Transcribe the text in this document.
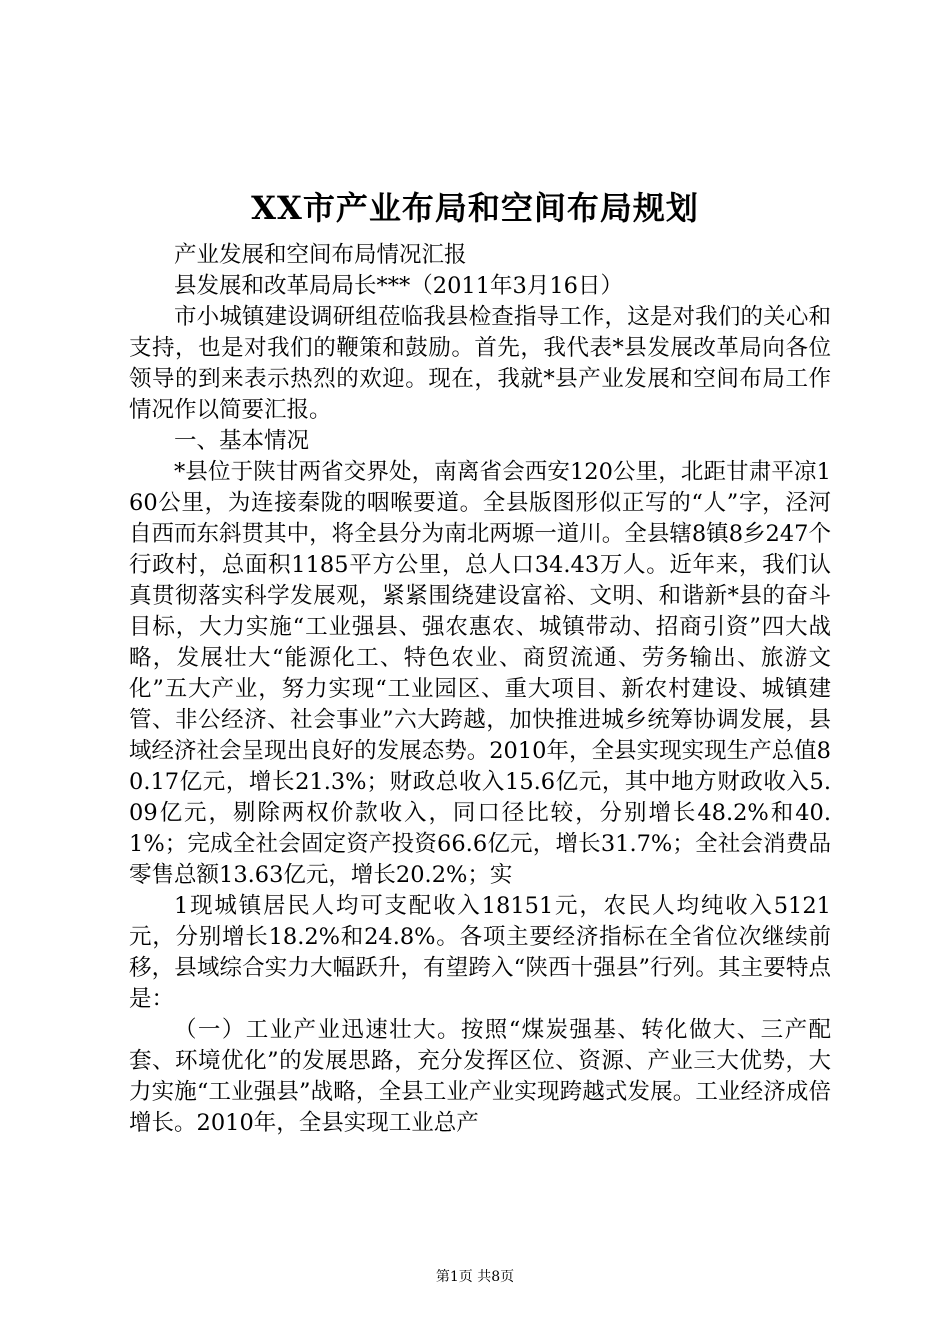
XX市产业布局和空间布局规划

产业发展和空间布局情况汇报

县发展和改革局局长***（2011年3月16日）

市小城镇建设调研组莅临我县检查指导工作，这是对我们的关心和支持，也是对我们的鞭策和鼓励。首先，我代表*县发展改革局向各位领导的到来表示热烈的欢迎。现在，我就*县产业发展和空间布局工作情况作以简要汇报。

一、基本情况

*县位于陕甘两省交界处，南离省会西安120公里，北距甘肃平凉160公里，为连接秦陇的咽喉要道。全县版图形似正写的“人”字，泾河自西而东斜贯其中，将全县分为南北两塬一道川。全县辖8镇8乡247个行政村，总面积1185平方公里，总人口34.43万人。近年来，我们认真贯彻落实科学发展观，紧紧围绕建设富裕、文明、和谐新*县的奋斗目标，大力实施“工业强县、强农惠农、城镇带动、招商引资”四大战略，发展壮大“能源化工、特色农业、商贸流通、劳务输出、旅游文化”五大产业，努力实现“工业园区、重大项目、新农村建设、城镇建管、非公经济、社会事业”六大跨越，加快推进城乡统筹协调发展，县域经济社会呈现出良好的发展态势。2010年，全县实现实现生产总值80.17亿元，增长21.3%；财政总收入15.6亿元，其中地方财政收入5.09亿元，剔除两权价款收入，同口径比较，分别增长48.2%和40.1%；完成全社会固定资产投资66.6亿元，增长31.7%；全社会消费品零售总额13.63亿元，增长20.2%；实

1现城镇居民人均可支配收入18151元，农民人均纯收入5121元，分别增长18.2%和24.8%。各项主要经济指标在全省位次继续前移，县域综合实力大幅跃升，有望跨入“陕西十强县”行列。其主要特点是：

（一）工业产业迅速壮大。按照“煤炭强基、转化做大、三产配套、环境优化”的发展思路，充分发挥区位、资源、产业三大优势，大力实施“工业强县”战略，全县工业产业实现跨越式发展。工业经济成倍增长。2010年，全县实现工业总产

第1页 共8页
